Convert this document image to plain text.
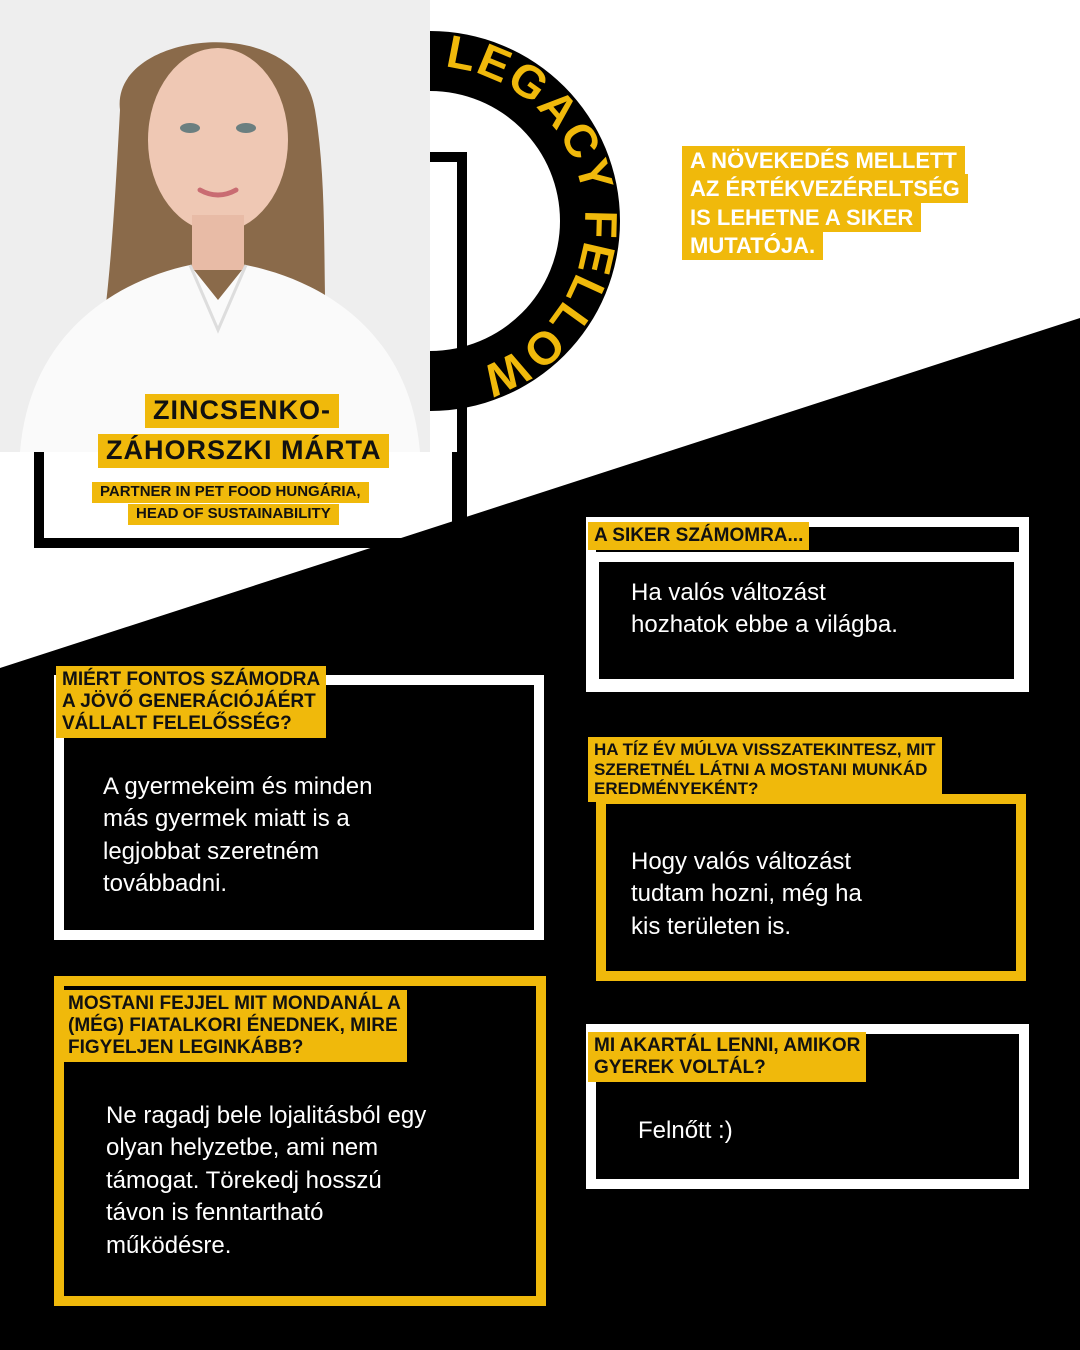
LEGACY FELLOW
A NÖVEKEDÉS MELLETT
AZ ÉRTÉKVEZÉRELTSÉG
IS LEHETNE A SIKER
MUTATÓJA.
ZINCSENKO-
ZÁHORSZKI MÁRTA
PARTNER IN PET FOOD HUNGÁRIA,
HEAD OF SUSTAINABILITY
A SIKER SZÁMOMRA...
Ha valós változást
hozhatok ebbe a világba.
MIÉRT FONTOS SZÁMODRA
A JÖVŐ GENERÁCIÓJÁÉRT
VÁLLALT FELELŐSSÉG?
A gyermekeim és minden
más gyermek miatt is a
legjobbat szeretném
továbbadni.
HA TÍZ ÉV MÚLVA VISSZATEKINTESZ, MIT
SZERETNÉL LÁTNI A MOSTANI MUNKÁD
EREDMÉNYEKÉNT?
Hogy valós változást
tudtam hozni, még ha
kis területen is.
MOSTANI FEJJEL MIT MONDANÁL A
(MÉG) FIATALKORI ÉNEDNEK, MIRE
FIGYELJEN LEGINKÁBB?
Ne ragadj bele lojalitásból egy
olyan helyzetbe, ami nem
támogat. Törekedj hosszú
távon is fenntartható
működésre.
MI AKARTÁL LENNI, AMIKOR
GYEREK VOLTÁL?
Felnőtt :)
